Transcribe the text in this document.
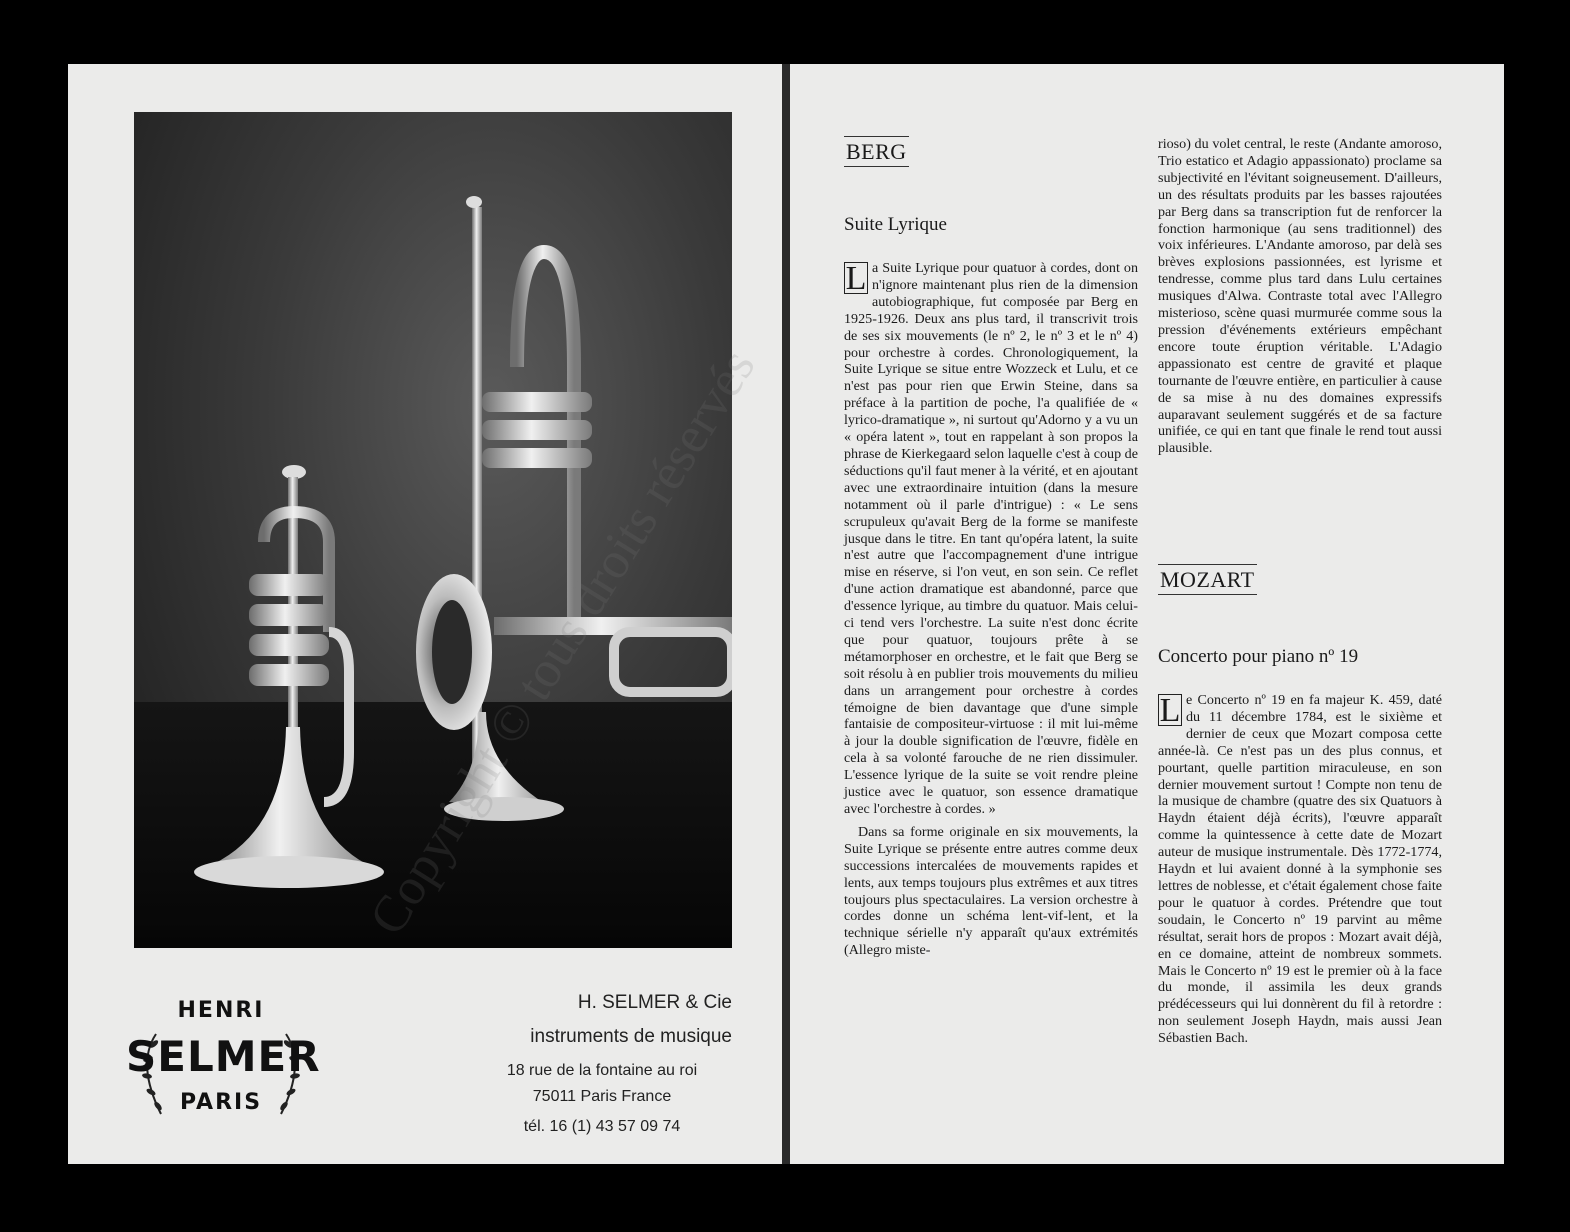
HENRI
SELMER
PARIS
H. SELMER & Cie
instruments de musique
18 rue de la fontaine au roi
75011 Paris France
tél. 16 (1) 43 57 09 74
BERG
Suite Lyrique

L a Suite Lyrique pour quatuor à cordes, dont on n'ignore maintenant plus rien de la dimension autobiographique, fut composée par Berg en 1925-1926. Deux ans plus tard, il transcrivit trois de ses six mouvements (le nº 2, le nº 3 et le nº 4) pour orchestre à cordes. Chronologiquement, la Suite Lyrique se situe entre Wozzeck et Lulu, et ce n'est pas pour rien que Erwin Steine, dans sa préface à la partition de poche, l'a qualifiée de « lyrico-dramatique », ni surtout qu'Adorno y a vu un « opéra latent », tout en rappelant à son propos la phrase de Kierkegaard selon laquelle c'est à coup de séductions qu'il faut mener à la vérité, et en ajoutant avec une extraordinaire intuition (dans la mesure notamment où il parle d'intrigue) : « Le sens scrupuleux qu'avait Berg de la forme se manifeste jusque dans le titre. En tant qu'opéra latent, la suite n'est autre que l'accompagnement d'une intrigue mise en réserve, si l'on veut, en son sein. Ce reflet d'une action dramatique est abandonné, parce que d'essence lyrique, au timbre du quatuor. Mais celui-ci tend vers l'orchestre. La suite n'est donc écrite que pour quatuor, toujours prête à se métamorphoser en orchestre, et le fait que Berg se soit résolu à en publier trois mouvements du milieu dans un arrangement pour orchestre à cordes témoigne de bien davantage que d'une simple fantaisie de compositeur-virtuose : il mit lui-même à jour la double signification de l'œuvre, fidèle en cela à sa volonté farouche de ne rien dissimuler. L'essence lyrique de la suite se voit rendre pleine justice avec le quatuor, son essence dramatique avec l'orchestre à cordes. »

Dans sa forme originale en six mouvements, la Suite Lyrique se présente entre autres comme deux successions intercalées de mouvements rapides et lents, aux temps toujours plus extrêmes et aux titres toujours plus spectaculaires. La version orchestre à cordes donne un schéma lent-vif-lent, et la technique sérielle n'y apparaît qu'aux extrémités (Allegro miste-

rioso) du volet central, le reste (Andante amoroso, Trio estatico et Adagio appassionato) proclame sa subjectivité en l'évitant soigneusement. D'ailleurs, un des résultats produits par les basses rajoutées par Berg dans sa transcription fut de renforcer la fonction harmonique (au sens traditionnel) des voix inférieures. L'Andante amoroso, par delà ses brèves explosions passionnées, est lyrisme et tendresse, comme plus tard dans Lulu certaines musiques d'Alwa. Contraste total avec l'Allegro misterioso, scène quasi murmurée comme sous la pression d'événements extérieurs empêchant encore toute éruption véritable. L'Adagio appassionato est centre de gravité et plaque tournante de l'œuvre entière, en particulier à cause de sa mise à nu des domaines expressifs auparavant seulement suggérés et de sa facture unifiée, ce qui en tant que finale le rend tout aussi plausible.

MOZART
Concerto pour piano nº 19

L e Concerto nº 19 en fa majeur K. 459, daté du 11 décembre 1784, est le sixième et dernier de ceux que Mozart composa cette année-là. Ce n'est pas un des plus connus, et pourtant, quelle partition miraculeuse, en son dernier mouvement surtout ! Compte non tenu de la musique de chambre (quatre des six Quatuors à Haydn étaient déjà écrits), l'œuvre apparaît comme la quintessence à cette date de Mozart auteur de musique instrumentale. Dès 1772-1774, Haydn et lui avaient donné à la symphonie ses lettres de noblesse, et c'était également chose faite pour le quatuor à cordes. Prétendre que tout soudain, le Concerto nº 19 parvint au même résultat, serait hors de propos : Mozart avait déjà, en ce domaine, atteint de nombreux sommets. Mais le Concerto nº 19 est le premier où à la face du monde, il assimila les deux grands prédécesseurs qui lui donnèrent du fil à retordre : non seulement Joseph Haydn, mais aussi Jean Sébastien Bach.
